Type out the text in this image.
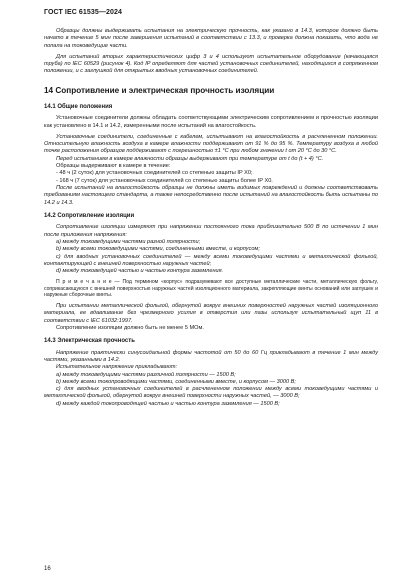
ГОСТ IEC 61535—2024

Образцы должны выдерживать испытания на электрическую прочность, как указано в 14.3, которое должно быть начато в течение 5 мин после завершения испытаний в соответствии с 13.3, и проверка должна показать, что вода не попала на токоведущие части.

Для испытаний вторых характеристических цифр 3 и 4 используют испытательное оборудование (качающаяся труба) по IEC 60529 (рисунок 4). Код IP определяют для частей установочных соединителей, находящихся в сопряженном положении, и с заглушкой для открытых вводных установочных соединителей.

14 Сопротивление и электрическая прочность изоляции
14.1 Общие положения

Установочные соединители должны обладать соответствующими электрическим сопротивлением и прочностью изоляции как установлено в 14.1 и 14.2, измеренными после испытаний на влагостойкость.

Установочные соединители, соединенные с кабелем, испытывают на влагостойкость в расчлененном положении. Относительную влажность воздуха в камере влажности поддерживают от 91 % до 95 %. Температуру воздуха в любой точке расположения образцов поддерживают с погрешностью ±1 °С при любом значении t от 20 °С до 30 °С.

Перед испытанием в камере влажности образцы выдерживают при температуре от t до (t + 4) °С.

Образцы выдерживают в камере в течение:

- 48 ч (2 суток) для установочных соединителей со степенью защиты IP X0;

- 168 ч (7 суток) для установочных соединителей со степенью защиты более IP X0.

После испытаний на влагостойкость образцы не должны иметь видимых повреждений и должны соответствовать требованиям настоящего стандарта, а также непосредственно после испытаний на влагостойкость быть испытаны по 14.2 и 14.3.

14.2 Сопротивление изоляции

Сопротивление изоляции измеряют при напряжении постоянного тока приблизительно 500 В по истечении 1 мин после приложения напряжения:

а) между токоведущими частями разной полярности;

b) между всеми токоведущими частями, соединенными вместе, и корпусом;

с) для вводных установочных соединителей — между всеми токоведущими частями и металлической фольгой, контактирующей с внешней поверхностью наружных частей;

d) между токоведущей частью и частью контура заземления.

П р и м е ч а н и е — Под термином «корпус» подразумевают все доступные металлические части, металлическую фольгу, соприкасающуюся с внешней поверхностью наружных частей изоляционного материала, закрепляющие винты оснований или заглушек и наружные сборочные винты.

При испытании металлической фольгой, обернутой вокруг внешних поверхностей наружных частей изоляционного материала, ее вдавливание без чрезмерного усилия в отверстия или пазы используя испытательный щуп 11 в соответствии с IEC 61032:1997.

Сопротивление изоляции должно быть не менее 5 МОм.

14.3 Электрическая прочность

Напряжение практически синусоидальной формы частотой от 50 до 60 Гц прикладывают в течение 1 мин между частями, указанными в 14.2.

Испытательное напряжение прикладывают:

a) между токоведущими частями различной полярности — 1500 В;

b) между всеми токопроводящими частями, соединенными вместе, и корпусом — 3000 В;

с) для вводных установочных соединителей в расчлененном положении между всеми токоведущими частями и металлической фольгой, обернутой вокруг внешней поверхности наружных частей, — 3000 В;

d) между каждой токопроводящей частью и частью контура заземления — 1500 В;

16
